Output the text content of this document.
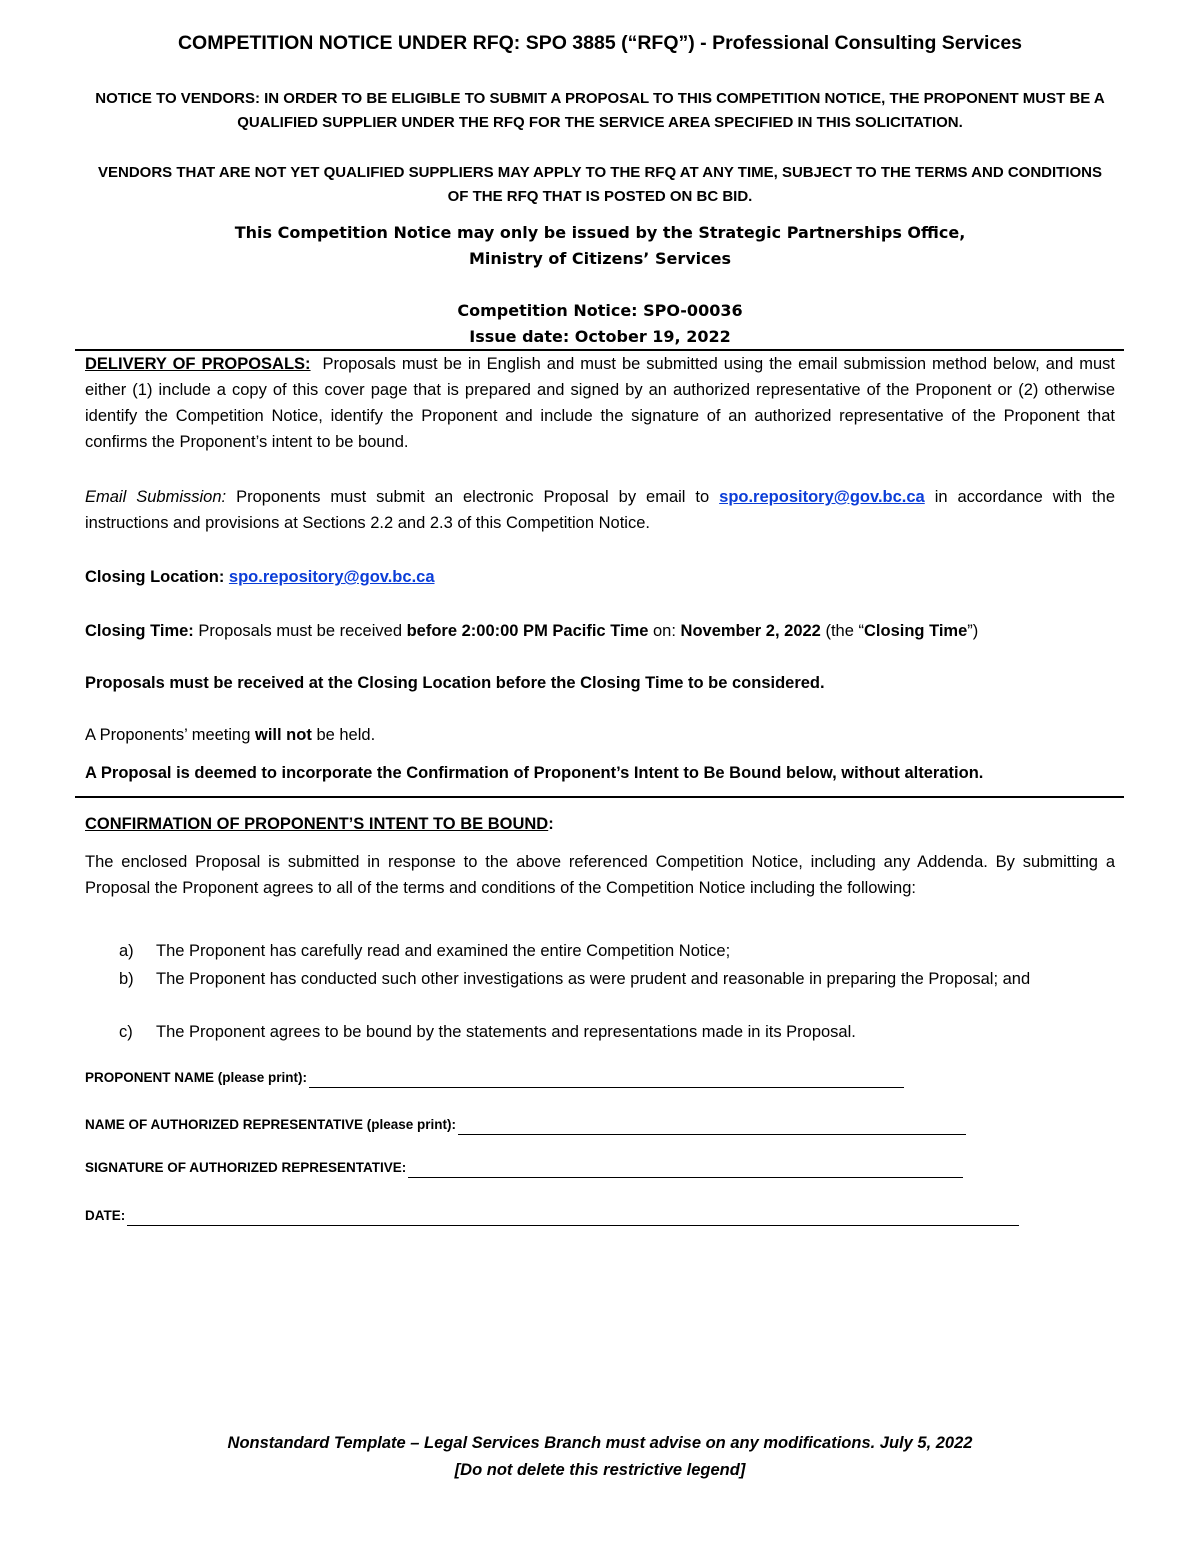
COMPETITION NOTICE UNDER RFQ: SPO 3885 (“RFQ”) - Professional Consulting Services
NOTICE TO VENDORS: IN ORDER TO BE ELIGIBLE TO SUBMIT A PROPOSAL TO THIS COMPETITION NOTICE, THE PROPONENT MUST BE A QUALIFIED SUPPLIER UNDER THE RFQ FOR THE SERVICE AREA SPECIFIED IN THIS SOLICITATION.
VENDORS THAT ARE NOT YET QUALIFIED SUPPLIERS MAY APPLY TO THE RFQ AT ANY TIME, SUBJECT TO THE TERMS AND CONDITIONS OF THE RFQ THAT IS POSTED ON BC BID.
This Competition Notice may only be issued by the Strategic Partnerships Office,
Ministry of Citizens’ Services
Competition Notice: SPO-00036
Issue date: October 19, 2022
DELIVERY OF PROPOSALS: Proposals must be in English and must be submitted using the email submission method below, and must either (1) include a copy of this cover page that is prepared and signed by an authorized representative of the Proponent or (2) otherwise identify the Competition Notice, identify the Proponent and include the signature of an authorized representative of the Proponent that confirms the Proponent’s intent to be bound.
Email Submission: Proponents must submit an electronic Proposal by email to spo.repository@gov.bc.ca in accordance with the instructions and provisions at Sections 2.2 and 2.3 of this Competition Notice.
Closing Location: spo.repository@gov.bc.ca
Closing Time: Proposals must be received before 2:00:00 PM Pacific Time on: November 2, 2022 (the “Closing Time”)
Proposals must be received at the Closing Location before the Closing Time to be considered.
A Proponents’ meeting will not be held.
A Proposal is deemed to incorporate the Confirmation of Proponent’s Intent to Be Bound below, without alteration.
CONFIRMATION OF PROPONENT’S INTENT TO BE BOUND:
The enclosed Proposal is submitted in response to the above referenced Competition Notice, including any Addenda. By submitting a Proposal the Proponent agrees to all of the terms and conditions of the Competition Notice including the following:
a) The Proponent has carefully read and examined the entire Competition Notice;
b) The Proponent has conducted such other investigations as were prudent and reasonable in preparing the Proposal; and
c) The Proponent agrees to be bound by the statements and representations made in its Proposal.
PROPONENT NAME (please print):
NAME OF AUTHORIZED REPRESENTATIVE (please print):
SIGNATURE OF AUTHORIZED REPRESENTATIVE:
DATE:
Nonstandard Template – Legal Services Branch must advise on any modifications. July 5, 2022
[Do not delete this restrictive legend]
